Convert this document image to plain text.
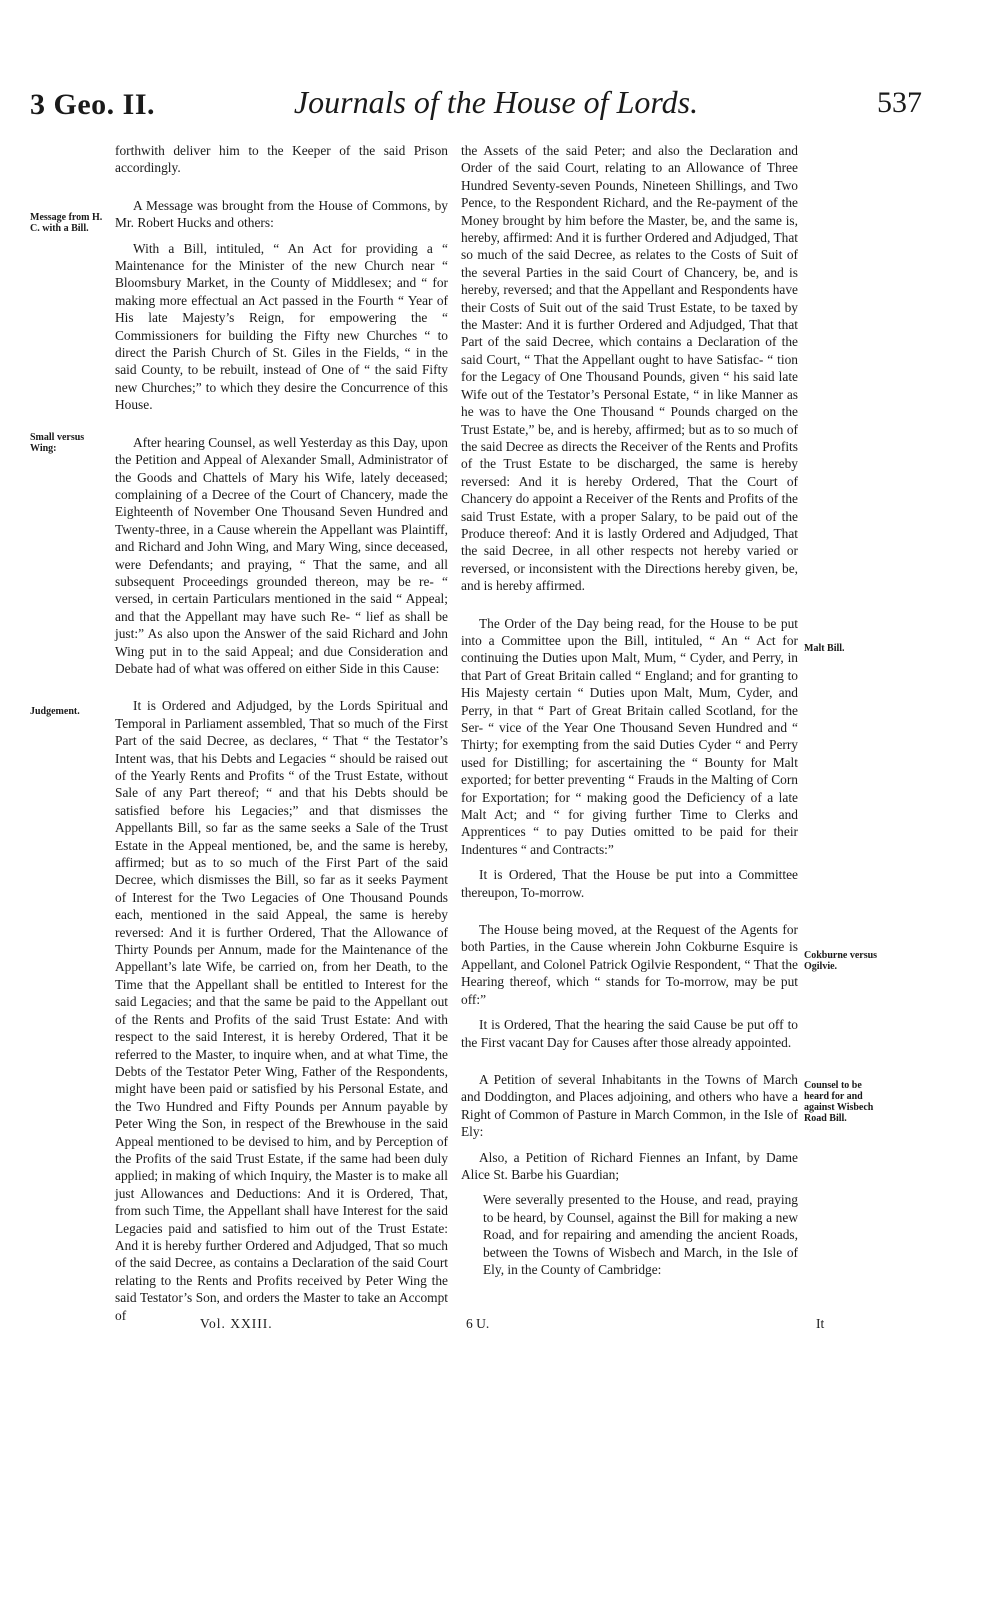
3 Geo. II.	Journals of the House of Lords.	537
Message from H. C. with a Bill.
Small versus Wing:
Judgement.
Malt Bill.
Cokburne versus Ogilvie.
Counsel to be heard for and against Wisbech Road Bill.

forthwith deliver him to the Keeper of the said Prison accordingly.

A Message was brought from the House of Commons, by Mr. Robert Hucks and others:

With a Bill, intituled, “ An Act for providing a “ Maintenance for the Minister of the new Church near “ Bloomsbury Market, in the County of Middlesex; and “ for making more effectual an Act passed in the Fourth “ Year of His late Majesty’s Reign, for empowering the “ Commissioners for building the Fifty new Churches “ to direct the Parish Church of St. Giles in the Fields, “ in the said County, to be rebuilt, instead of One of “ the said Fifty new Churches;” to which they desire the Concurrence of this House.

After hearing Counsel, as well Yesterday as this Day, upon the Petition and Appeal of Alexander Small, Administrator of the Goods and Chattels of Mary his Wife, lately deceased; complaining of a Decree of the Court of Chancery, made the Eighteenth of November One Thousand Seven Hundred and Twenty-three, in a Cause wherein the Appellant was Plaintiff, and Richard and John Wing, and Mary Wing, since deceased, were Defendants; and praying, “ That the same, and all subsequent Proceedings grounded thereon, may be re- “ versed, in certain Particulars mentioned in the said “ Appeal; and that the Appellant may have such Re- “ lief as shall be just:” As also upon the Answer of the said Richard and John Wing put in to the said Appeal; and due Consideration and Debate had of what was offered on either Side in this Cause:

It is Ordered and Adjudged, by the Lords Spiritual and Temporal in Parliament assembled, That so much of the First Part of the said Decree, as declares, “ That “ the Testator’s Intent was, that his Debts and Legacies “ should be raised out of the Yearly Rents and Profits “ of the Trust Estate, without Sale of any Part thereof; “ and that his Debts should be satisfied before his Legacies;” and that dismisses the Appellants Bill, so far as the same seeks a Sale of the Trust Estate in the Appeal mentioned, be, and the same is hereby, affirmed; but as to so much of the First Part of the said Decree, which dismisses the Bill, so far as it seeks Payment of Interest for the Two Legacies of One Thousand Pounds each, mentioned in the said Appeal, the same is hereby reversed: And it is further Ordered, That the Allowance of Thirty Pounds per Annum, made for the Maintenance of the Appellant’s late Wife, be carried on, from her Death, to the Time that the Appellant shall be entitled to Interest for the said Legacies; and that the same be paid to the Appellant out of the Rents and Profits of the said Trust Estate: And with respect to the said Interest, it is hereby Ordered, That it be referred to the Master, to inquire when, and at what Time, the Debts of the Testator Peter Wing, Father of the Respondents, might have been paid or satisfied by his Personal Estate, and the Two Hundred and Fifty Pounds per Annum payable by Peter Wing the Son, in respect of the Brewhouse in the said Appeal mentioned to be devised to him, and by Perception of the Profits of the said Trust Estate, if the same had been duly applied; in making of which Inquiry, the Master is to make all just Allowances and Deductions: And it is Ordered, That, from such Time, the Appellant shall have Interest for the said Legacies paid and satisfied to him out of the Trust Estate: And it is hereby further Ordered and Adjudged, That so much of the said Decree, as contains a Declaration of the said Court relating to the Rents and Profits received by Peter Wing the said Testator’s Son, and orders the Master to take an Accompt of

the Assets of the said Peter; and also the Declaration and Order of the said Court, relating to an Allowance of Three Hundred Seventy-seven Pounds, Nineteen Shillings, and Two Pence, to the Respondent Richard, and the Re-payment of the Money brought by him before the Master, be, and the same is, hereby, affirmed: And it is further Ordered and Adjudged, That so much of the said Decree, as relates to the Costs of Suit of the several Parties in the said Court of Chancery, be, and is hereby, reversed; and that the Appellant and Respondents have their Costs of Suit out of the said Trust Estate, to be taxed by the Master: And it is further Ordered and Adjudged, That that Part of the said Decree, which contains a Declaration of the said Court, “ That the Appellant ought to have Satisfac- “ tion for the Legacy of One Thousand Pounds, given “ his said late Wife out of the Testator’s Personal Estate, “ in like Manner as he was to have the One Thousand “ Pounds charged on the Trust Estate,” be, and is hereby, affirmed; but as to so much of the said Decree as directs the Receiver of the Rents and Profits of the Trust Estate to be discharged, the same is hereby reversed: And it is hereby Ordered, That the Court of Chancery do appoint a Receiver of the Rents and Profits of the said Trust Estate, with a proper Salary, to be paid out of the Produce thereof: And it is lastly Ordered and Adjudged, That the said Decree, in all other respects not hereby varied or reversed, or inconsistent with the Directions hereby given, be, and is hereby affirmed.

The Order of the Day being read, for the House to be put into a Committee upon the Bill, intituled, “ An “ Act for continuing the Duties upon Malt, Mum, “ Cyder, and Perry, in that Part of Great Britain called “ England; and for granting to His Majesty certain “ Duties upon Malt, Mum, Cyder, and Perry, in that “ Part of Great Britain called Scotland, for the Ser- “ vice of the Year One Thousand Seven Hundred and “ Thirty; for exempting from the said Duties Cyder “ and Perry used for Distilling; for ascertaining the “ Bounty for Malt exported; for better preventing “ Frauds in the Malting of Corn for Exportation; for “ making good the Deficiency of a late Malt Act; and “ for giving further Time to Clerks and Apprentices “ to pay Duties omitted to be paid for their Indentures “ and Contracts:”

It is Ordered, That the House be put into a Committee thereupon, To-morrow.

The House being moved, at the Request of the Agents for both Parties, in the Cause wherein John Cokburne Esquire is Appellant, and Colonel Patrick Ogilvie Respondent, “ That the Hearing thereof, which “ stands for To-morrow, may be put off:”

It is Ordered, That the hearing the said Cause be put off to the First vacant Day for Causes after those already appointed.

A Petition of several Inhabitants in the Towns of March and Doddington, and Places adjoining, and others who have a Right of Common of Pasture in March Common, in the Isle of Ely:

Also, a Petition of Richard Fiennes an Infant, by Dame Alice St. Barbe his Guardian;

Were severally presented to the House, and read, praying to be heard, by Counsel, against the Bill for making a new Road, and for repairing and amending the ancient Roads, between the Towns of Wisbech and March, in the Isle of Ely, in the County of Cambridge:

Vol. XXIII.	6 U.	It
